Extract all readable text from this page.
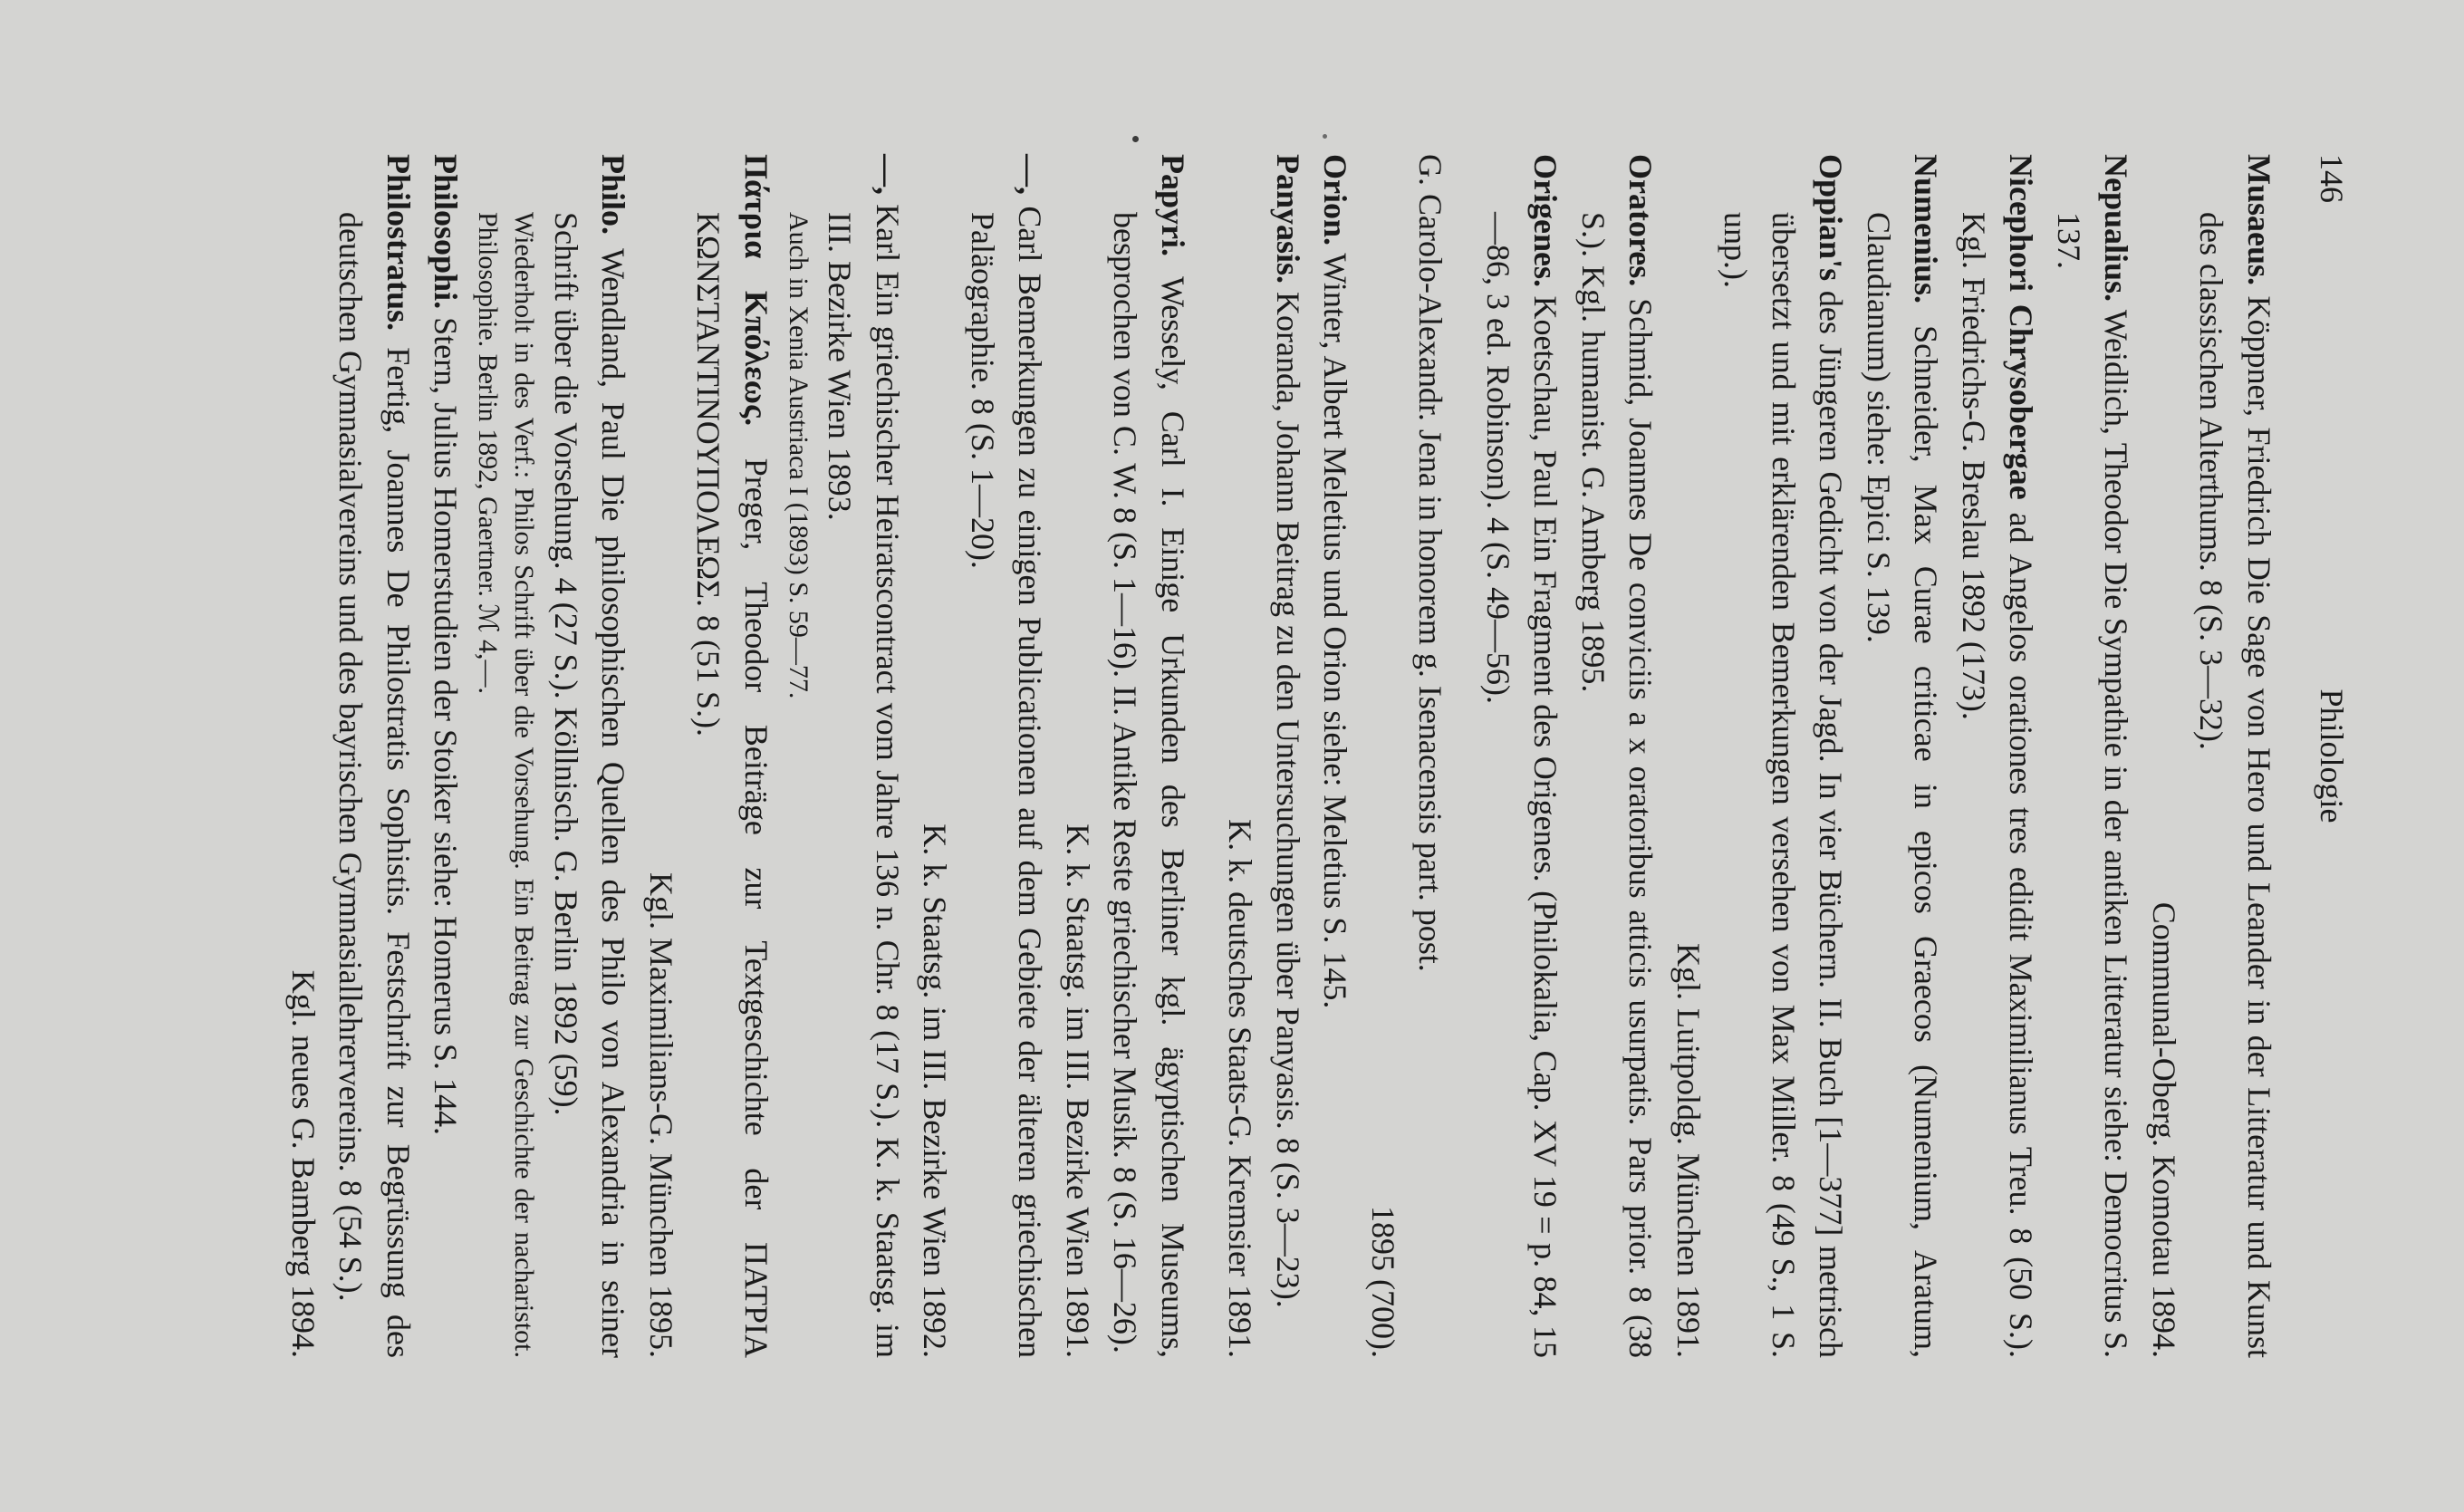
146
Philologie

Musaeus. Köppner, Friedrich Die Sage von Hero und Leander in der Litteratur und Kunst des classischen Alterthums. 8 (S. 3—32).
Communal-Oberg. Komotau 1894.

Nepualius. Weidlich, Theodor Die Sympathie in der antiken Litteratur siehe: Democritus S. 137.

Nicephori Chrysobergae ad Angelos orationes tres edidit Maximilianus Treu. 8 (50 S.). Kgl. Friedrichs-G. Breslau 1892 (173).

Numenius. Schneider, Max Curae criticae in epicos Graecos (Numenium, Aratum, Claudianum) siehe: Epici S. 139.

Oppian's des Jüngeren Gedicht von der Jagd. In vier Büchern. II. Buch [1—377] metrisch übersetzt und mit erklärenden Bemerkungen versehen von Max Miller. 8 (49 S., 1 S. unp.).
Kgl. Luitpoldg. München 1891.

Oratores. Schmid, Joannes De conviciis a x oratoribus atticis usurpatis. Pars prior. 8 (38 S.). Kgl. humanist. G. Amberg 1895.

Origenes. Koetschau, Paul Ein Fragment des Origenes. (Philokalia, Cap. XV 19 = p. 84, 15—86, 3 ed. Robinson). 4 (S. 49—56).

G. Carolo-Alexandr. Jena in honorem g. Isenacensis part. post.
1895 (700).

Orion. Winter, Albert Meletius und Orion siehe: Meletius S. 145.

Panyasis. Koranda, Johann Beitrag zu den Untersuchungen über Panyasis. 8 (S. 3—23).
K. k. deutsches Staats-G. Kremsier 1891.

Papyri. Wessely, Carl I. Einige Urkunden des Berliner kgl. ägyptischen Museums, besprochen von C. W. 8 (S. 1—16). II. Antike Reste griechischer Musik. 8 (S. 16—26).
K. k. Staatsg. im III. Bezirke Wien 1891.

—, Carl Bemerkungen zu einigen Publicationen auf dem Gebiete der älteren griechischen Paläographie. 8 (S. 1—20).
K. k. Staatsg. im III. Bezirke Wien 1892.

—, Karl Ein griechischer Heiratscontract vom Jahre 136 n. Chr. 8 (17 S.). K. k. Staatsg. im III. Bezirke Wien 1893.
Auch in Xenia Austriaca I (1893) S. 59—77.

Πάτρια Κπόλεως. Preger, Theodor Beiträge zur Textgeschichte der ΠΑΤΡΙΑ ΚΩΝΣΤΑΝΤΙΝΟΥΠΟΛΕΩΣ. 8 (51 S.).
Kgl. Maximilians-G. München 1895.

Philo. Wendland, Paul Die philosophischen Quellen des Philo von Alexandria in seiner Schrift über die Vorsehung. 4 (27 S.). Köllnisch. G. Berlin 1892 (59).
Wiederholt in des Verf.: Philos Schrift über die Vorsehung. Ein Beitrag zur Geschichte der nacharistot. Philosophie. Berlin 1892, Gaertner. ℳ 4,—.

Philosophi. Stern, Julius Homerstudien der Stoiker siehe: Homerus S. 144.

Philostratus. Fertig, Joannes De Philostratis Sophistis. Festschrift zur Begrüssung des deutschen Gymnasialvereins und des bayrischen Gymnasiallehrervereins. 8 (54 S.).
Kgl. neues G. Bamberg 1894.
